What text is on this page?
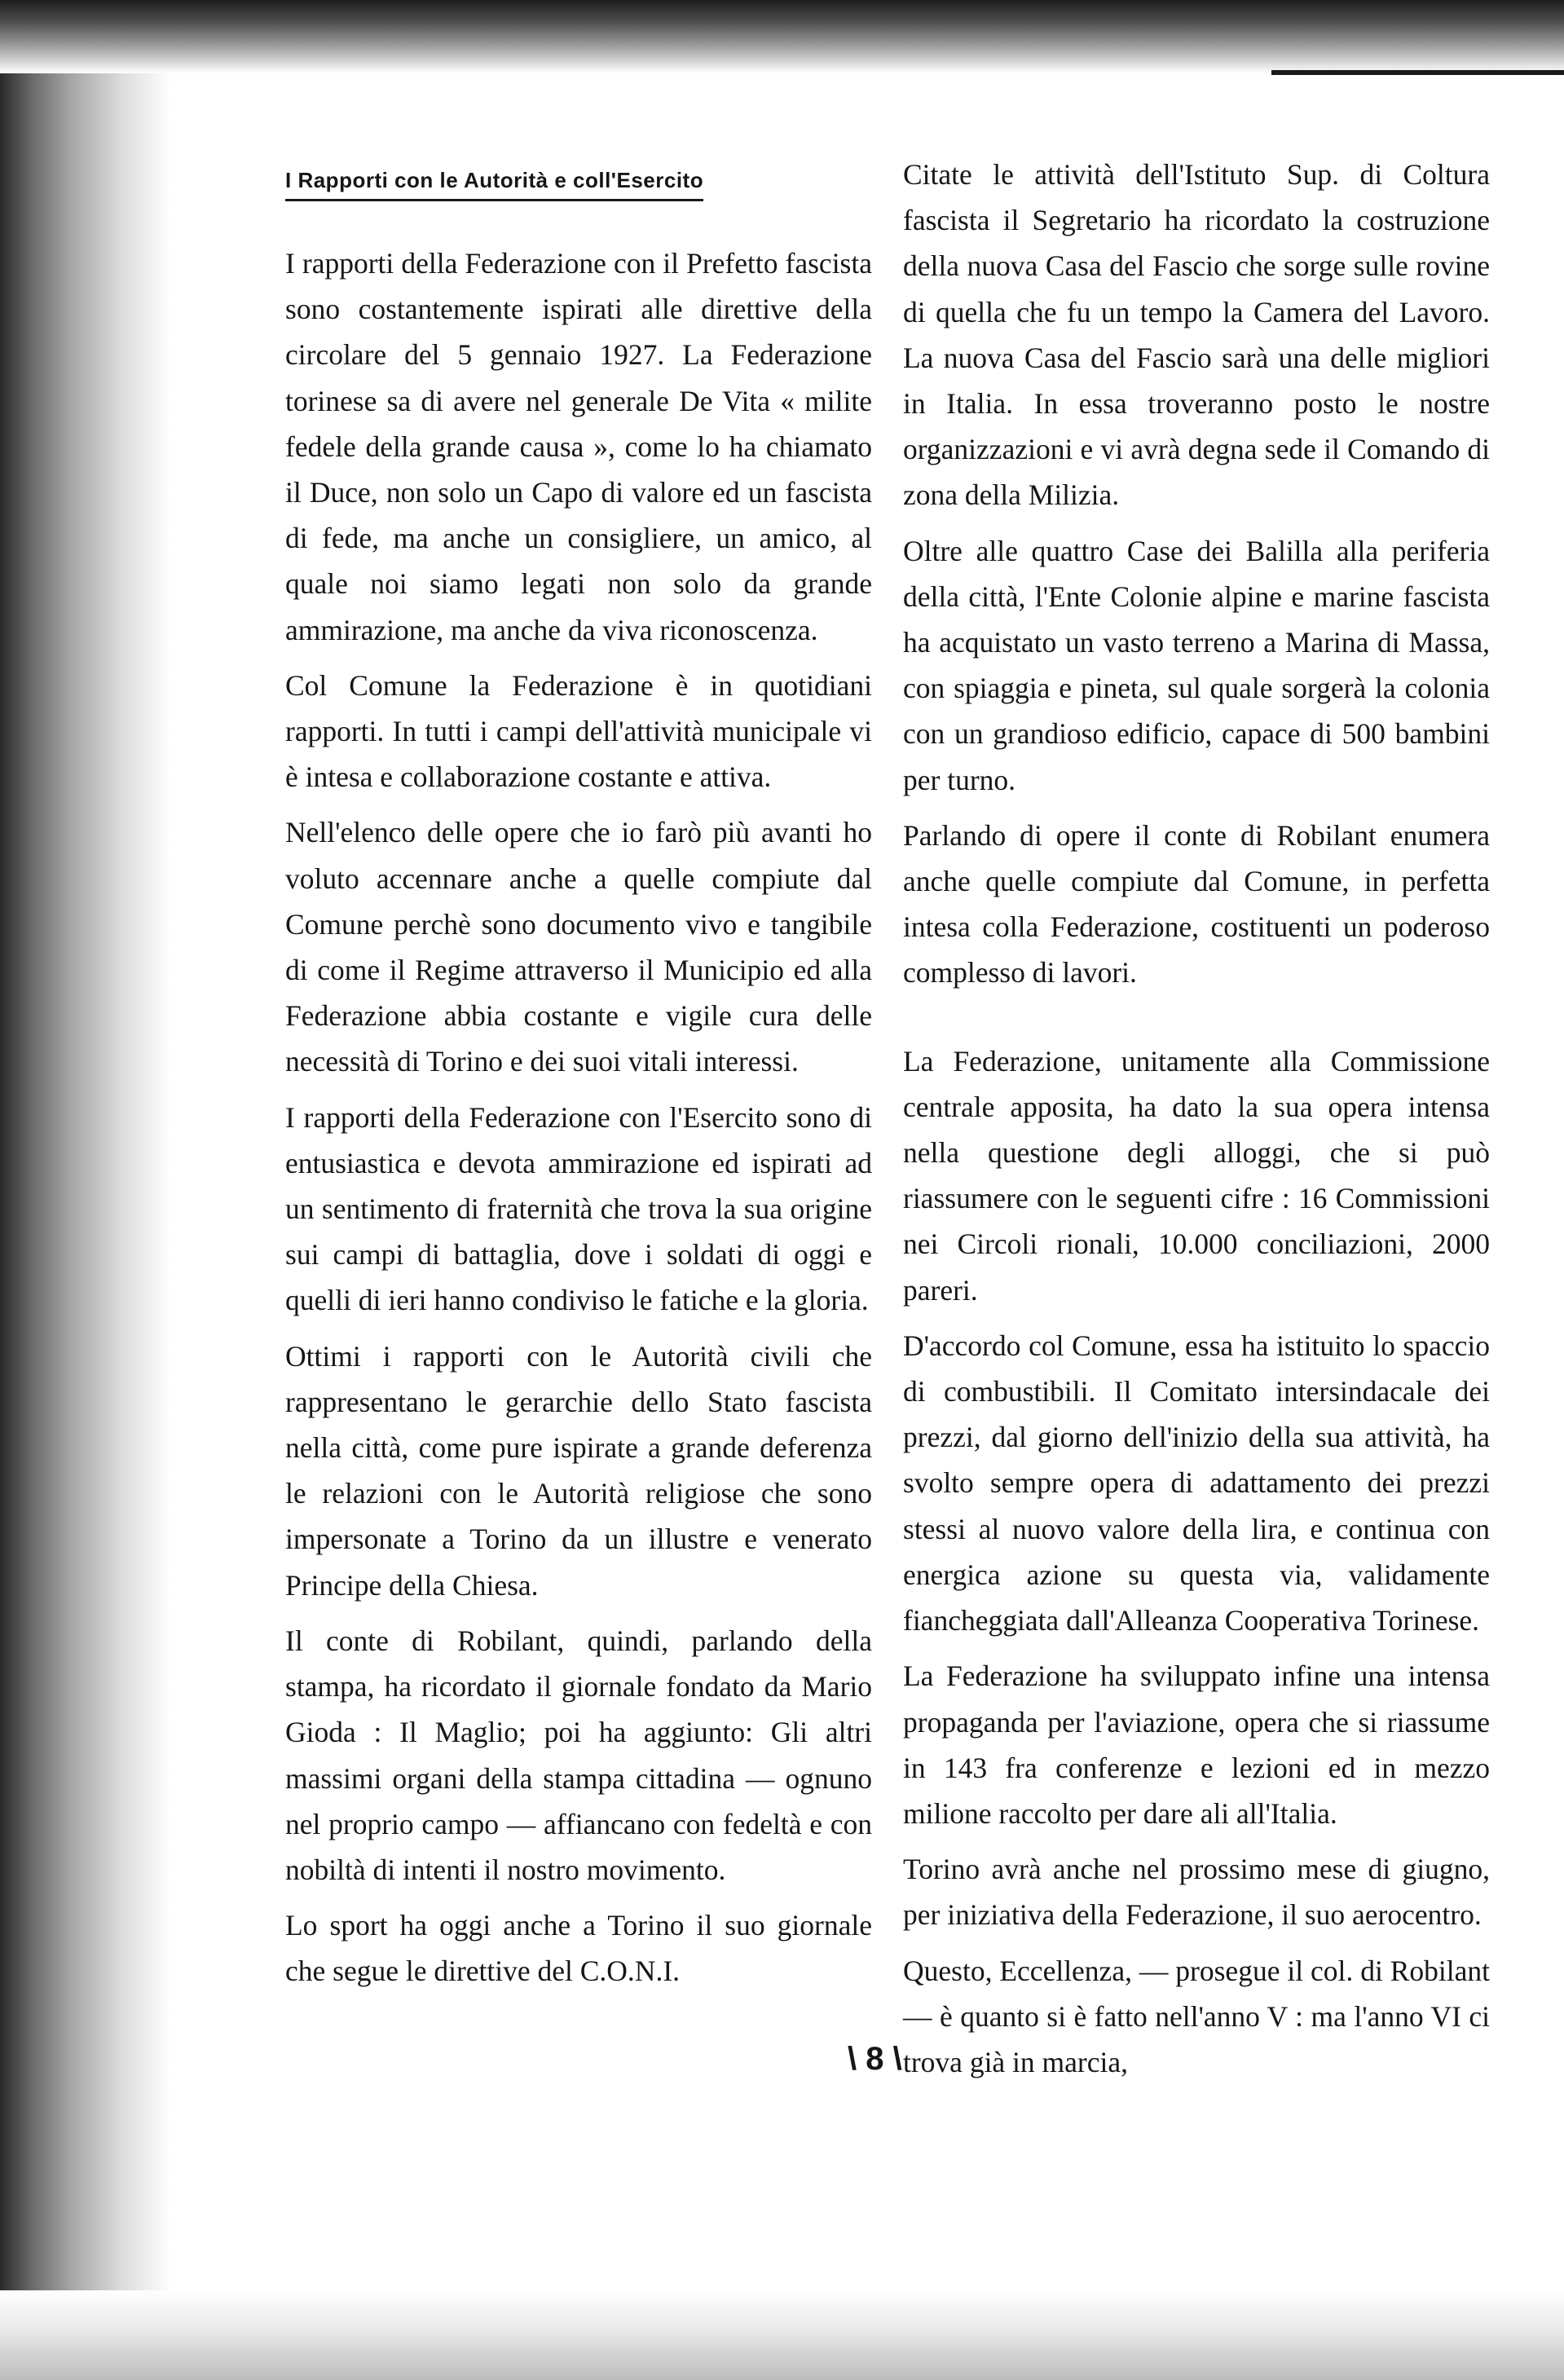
I Rapporti con le Autorità e coll'Esercito

I rapporti della Federazione con il Prefetto fascista sono costantemente ispirati alle direttive della circolare del 5 gennaio 1927. La Federazione torinese sa di avere nel generale De Vita « milite fedele della grande causa », come lo ha chiamato il Duce, non solo un Capo di valore ed un fascista di fede, ma anche un consigliere, un amico, al quale noi siamo legati non solo da grande ammirazione, ma anche da viva riconoscenza.

Col Comune la Federazione è in quotidiani rapporti. In tutti i campi dell'attività municipale vi è intesa e collaborazione costante e attiva.

Nell'elenco delle opere che io farò più avanti ho voluto accennare anche a quelle compiute dal Comune perchè sono documento vivo e tangibile di come il Regime attraverso il Municipio ed alla Federazione abbia costante e vigile cura delle necessità di Torino e dei suoi vitali interessi.

I rapporti della Federazione con l'Esercito sono di entusiastica e devota ammirazione ed ispirati ad un sentimento di fraternità che trova la sua origine sui campi di battaglia, dove i soldati di oggi e quelli di ieri hanno condiviso le fatiche e la gloria.

Ottimi i rapporti con le Autorità civili che rappresentano le gerarchie dello Stato fascista nella città, come pure ispirate a grande deferenza le relazioni con le Autorità religiose che sono impersonate a Torino da un illustre e venerato Principe della Chiesa.

Il conte di Robilant, quindi, parlando della stampa, ha ricordato il giornale fondato da Mario Gioda : Il Maglio; poi ha aggiunto: Gli altri massimi organi della stampa cittadina — ognuno nel proprio campo — affiancano con fedeltà e con nobiltà di intenti il nostro movimento.

Lo sport ha oggi anche a Torino il suo giornale che segue le direttive del C.O.N.I.

Citate le attività dell'Istituto Sup. di Coltura fascista il Segretario ha ricordato la costruzione della nuova Casa del Fascio che sorge sulle rovine di quella che fu un tempo la Camera del Lavoro. La nuova Casa del Fascio sarà una delle migliori in Italia. In essa troveranno posto le nostre organizzazioni e vi avrà degna sede il Comando di zona della Milizia.

Oltre alle quattro Case dei Balilla alla periferia della città, l'Ente Colonie alpine e marine fascista ha acquistato un vasto terreno a Marina di Massa, con spiaggia e pineta, sul quale sorgerà la colonia con un grandioso edificio, capace di 500 bambini per turno.

Parlando di opere il conte di Robilant enumera anche quelle compiute dal Comune, in perfetta intesa colla Federazione, costituenti un poderoso complesso di lavori.

La Federazione, unitamente alla Commissione centrale apposita, ha dato la sua opera intensa nella questione degli alloggi, che si può riassumere con le seguenti cifre : 16 Commissioni nei Circoli rionali, 10.000 conciliazioni, 2000 pareri.

D'accordo col Comune, essa ha istituito lo spaccio di combustibili. Il Comitato intersindacale dei prezzi, dal giorno dell'inizio della sua attività, ha svolto sempre opera di adattamento dei prezzi stessi al nuovo valore della lira, e continua con energica azione su questa via, validamente fiancheggiata dall'Alleanza Cooperativa Torinese.

La Federazione ha sviluppato infine una intensa propaganda per l'aviazione, opera che si riassume in 143 fra conferenze e lezioni ed in mezzo milione raccolto per dare ali all'Italia.

Torino avrà anche nel prossimo mese di giugno, per iniziativa della Federazione, il suo aerocentro.

Questo, Eccellenza, — prosegue il col. di Robilant — è quanto si è fatto nell'anno V : ma l'anno VI ci trova già in marcia,

\ 8 \
